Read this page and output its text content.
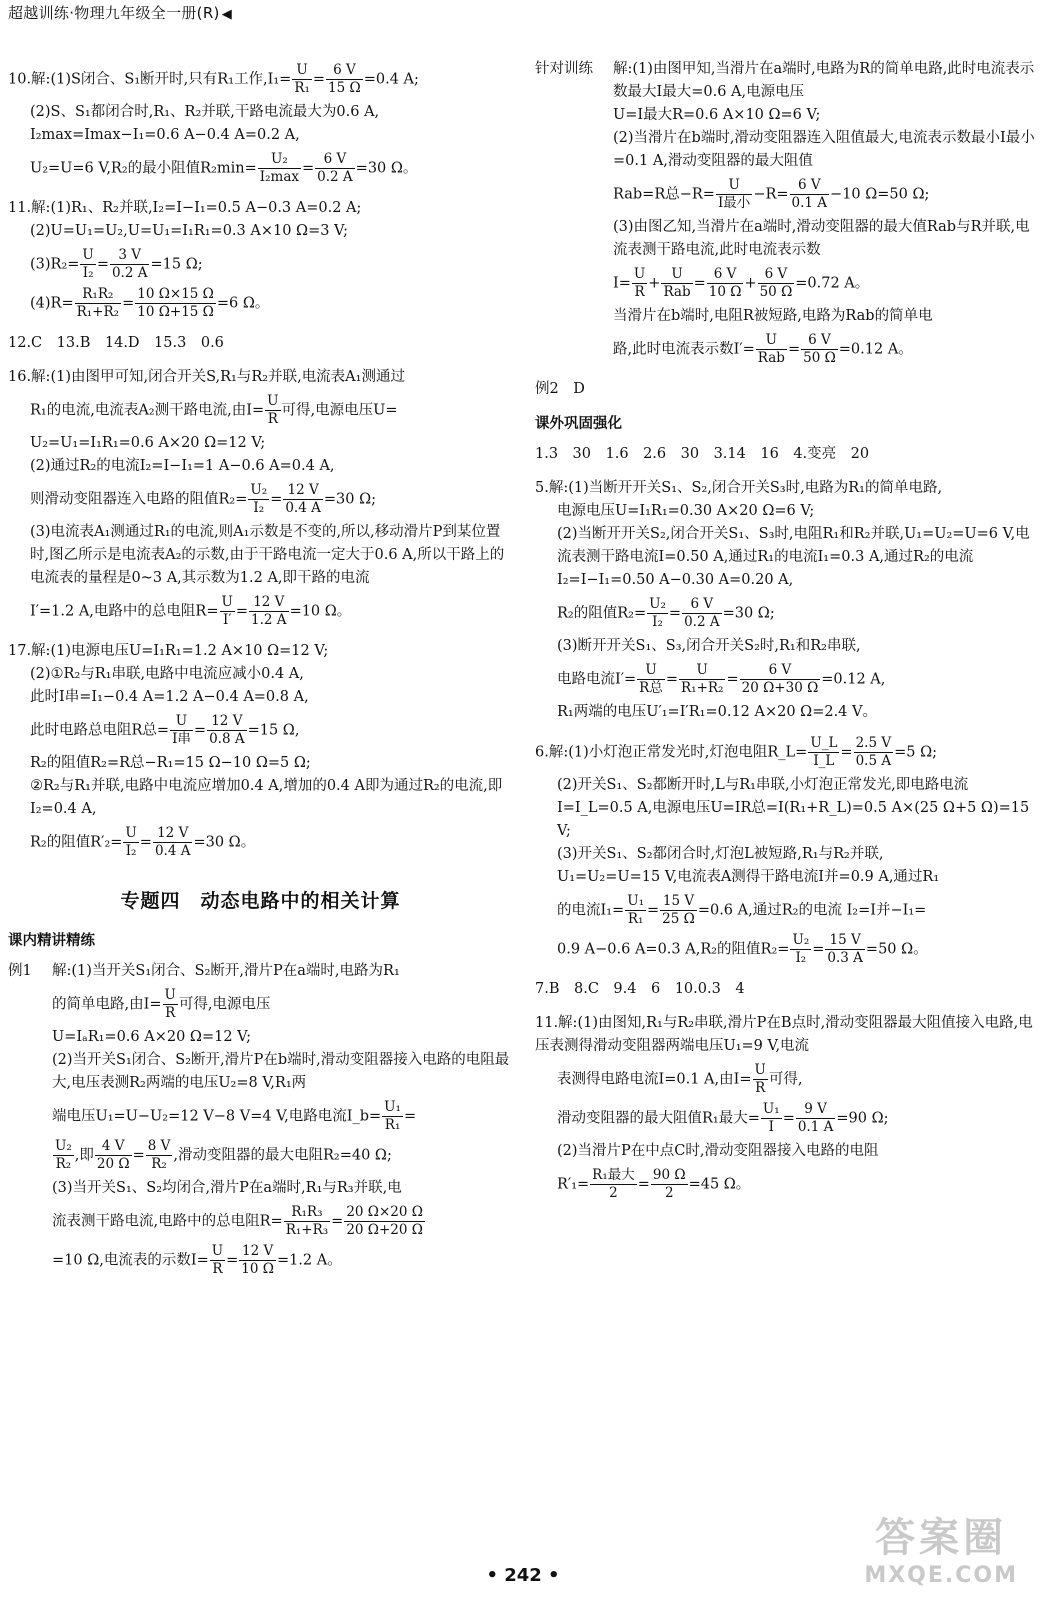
超越训练·物理九年级全一册(R) ◀
10.解:(1)S闭合、S₁断开时,只有R₁工作$,I_1= \frac{U}{\text{R₁}} = \frac{6 V}{15 \Omega} =0.4$ A;
(2)S、S₁都闭合时,R₁、R₂并联,干路电流最大为0.6 A,
I₂max=Imax−I₁=0.6 A−0.4 A=0.2 A,
U₂=U=6 V,R₂的最小阻值$R_2\min= \frac{\text{U₂}}{\text{I₂max}} = \frac{6 V}{0.2 A} =30$ Ω。
11.解:(1)R₁、R₂并联,I₂=I−I₁=0.5 A−0.3 A=0.2 A;
(2)U=U₁=U₂,U=U₁=I₁R₁=0.3 A×10 Ω=3 V;
$(3)R_2= \frac{U}{\text{I₂}} = \frac{3 V}{0.2 A} =15$ Ω;
$(4)R= \frac{\text{R₁R₂}}{\text{R₁+R₂}} = \frac{10 \Omega\times 15 \Omega}{10 \Omega+15 \Omega} =6$ Ω。
12.C　13.B　14.D　15.3　0.6
16.解:(1)由图甲可知,闭合开关S,R₁与R₂并联,电流表A₁测通过
R₁的电流,电流表A₂测干路电流,由$I= \frac{U}{R}$ 可得,电源电压U=
U₂=U₁=I₁R₁=0.6 A×20 Ω=12 V;
(2)通过R₂的电流I₂=I−I₁=1 A−0.6 A=0.4 A,
则滑动变阻器连入电路的阻值$R_2= \frac{\text{U₂}}{\text{I₂}} = \frac{12 V}{0.4 A} =30$ Ω;
(3)电流表A₁测通过R₁的电流,则A₁示数是不变的,所以,移动滑片P到某位置时,图乙所示是电流表A₂的示数,由于干路电流一定大于0.6 A,所以干路上的电流表的量程是0~3 A,其示数为1.2 A,即干路的电流
I′=1.2 A,电路中的总电阻$R= \frac{U}{I'} = \frac{12 V}{1.2 A} =10$ Ω。
17.解:(1)电源电压U=I₁R₁=1.2 A×10 Ω=12 V;
(2)①R₂与R₁串联,电路中电流应减小0.4 A,
此时I串=I₁−0.4 A=1.2 A−0.4 A=0.8 A,
此时电路总电阻R总= $\frac{U}{\text{I串}} = \frac{12 V}{0.8 A} =15$ Ω,
R₂的阻值R₂=R总−R₁=15 Ω−10 Ω=5 Ω;
②R₂与R₁并联,电路中电流应增加0.4 A,增加的0.4 A即为通过R₂的电流,即I₂=0.4 A,
R₂的阻值$R'_2= \frac{U}{\text{I₂}} = \frac{12 V}{0.4 A} =30$ Ω。
专题四　动态电路中的相关计算
课内精讲精练
例1 解:(1)当开关S₁闭合、S₂断开,滑片P在a端时,电路为R₁
的简单电路,由$I= \frac{U}{R}$ 可得,电源电压
U=IₐR₁=0.6 A×20 Ω=12 V;
(2)当开关S₁闭合、S₂断开,滑片P在b端时,滑动变阻器接入电路的电阻最大,电压表测R₂两端的电压U₂=8 V,R₁两
端电压U₁=U−U₂=12 V−8 V=4 V,电路电流I_b= $\frac{\text{U₁}}{\text{R₁}}$ =
$\frac{\text{U₂}}{\text{R₂}}$ ,即 $\frac{4 V}{20 \Omega} = \frac{8 V}{\text{R₂}}$ ,滑动变阻器的最大电阻R₂=40 Ω;
(3)当开关S₁、S₂均闭合,滑片P在a端时,R₁与R₃并联,电
流表测干路电流,电路中的总电阻$R= \frac{\text{R₁R₃}}{\text{R₁+R₃}} = \frac{20 \Omega\times 20 \Omega}{20 \Omega+20 \Omega}$
=10 Ω,电流表的示数$I= \frac{U}{R} = \frac{12 V}{10 \Omega} =1.2$ A。
针对训练 解:(1)由图甲知,当滑片在a端时,电路为R的简单电路,此时电流表示数最大I最大=0.6 A,电源电压
U=I最大R=0.6 A×10 Ω=6 V;
(2)当滑片在b端时,滑动变阻器连入阻值最大,电流表示数最小I最小=0.1 A,滑动变阻器的最大阻值
Rab=R总$-R= \frac{U}{\text{I最小}} -R= \frac{6 V}{0.1 A} -10$ Ω=50 Ω;
(3)由图乙知,当滑片在a端时,滑动变阻器的最大值Rab与R并联,电流表测干路电流,此时电流表示数
$I= \frac{U}{R} + \frac{U}{\text{Rab}} = \frac{6 V}{10 \Omega} + \frac{6 V}{50 \Omega} =0.72$ A。
当滑片在b端时,电阻R被短路,电路为Rab的简单电
路,此时电流表示数$I'= \frac{U}{\text{Rab}} = \frac{6 V}{50 \Omega} =0.12$ A。
例2　D
课外巩固强化
1.3　30　1.6　2.6　30　3.14　16　4.变亮　20
5.解:(1)当断开开关S₁、S₂,闭合开关S₃时,电路为R₁的简单电路,
电源电压U=I₁R₁=0.30 A×20 Ω=6 V;
(2)当断开开关S₂,闭合开关S₁、S₃时,电阻R₁和R₂并联,U₁=U₂=U=6 V,电流表测干路电流I=0.50 A,通过R₁的电流I₁=0.3 A,通过R₂的电流I₂=I−I₁=0.50 A−0.30 A=0.20 A,
R₂的阻值$R_2= \frac{\text{U₂}}{\text{I₂}} = \frac{6 V}{0.2 A} =30$ Ω;
(3)断开开关S₁、S₃,闭合开关S₂时,R₁和R₂串联,
电路电流$I'= \frac{U}{\text{R总}} = \frac{U}{\text{R₁+R₂}} = \frac{6 V}{20 \Omega+30 \Omega} =0.12$ A,
R₁两端的电压U′₁=I′R₁=0.12 A×20 Ω=2.4 V。
6.解:(1)小灯泡正常发光时,灯泡电阻R_L= $\frac{U\_L}{I\_L} = \frac{2.5 V}{0.5 A} =5$ Ω;
(2)开关S₁、S₂都断开时,L与R₁串联,小灯泡正常发光,即电路电流I=I_L=0.5 A,电源电压U=IR总=I(R₁+R_L)=0.5 A×(25 Ω+5 Ω)=15 V;
(3)开关S₁、S₂都闭合时,灯泡L被短路,R₁与R₂并联,
U₁=U₂=U=15 V,电流表A测得干路电流I并=0.9 A,通过R₁
的电流$I_1= \frac{\text{U₁}}{\text{R₁}} = \frac{15 V}{25 \Omega} =0.6$ A,通过R₂的电流 I₂=I并−I₁=
0.9 A−0.6 A=0.3 A,R₂的阻值$R_2= \frac{\text{U₂}}{\text{I₂}} = \frac{15 V}{0.3 A} =50$ Ω。
7.B　8.C　9.4　6　10.0.3　4
11.解:(1)由图知,R₁与R₂串联,滑片P在B点时,滑动变阻器最大阻值接入电路,电压表测得滑动变阻器两端电压U₁=9 V,电流
表测得电路电流I=0.1 A,由$I= \frac{U}{R}$ 可得,
滑动变阻器的最大阻值R₁最大= $\frac{\text{U₁}}{I} = \frac{9 V}{0.1 A} =90$ Ω;
(2)当滑片P在中点C时,滑动变阻器接入电路的电阻
$R'_1= \frac{\text{R₁最大}}{2} = \frac{90 \Omega}{2} =45$ Ω。
• 242 •
答案圈
MXQE.COM
